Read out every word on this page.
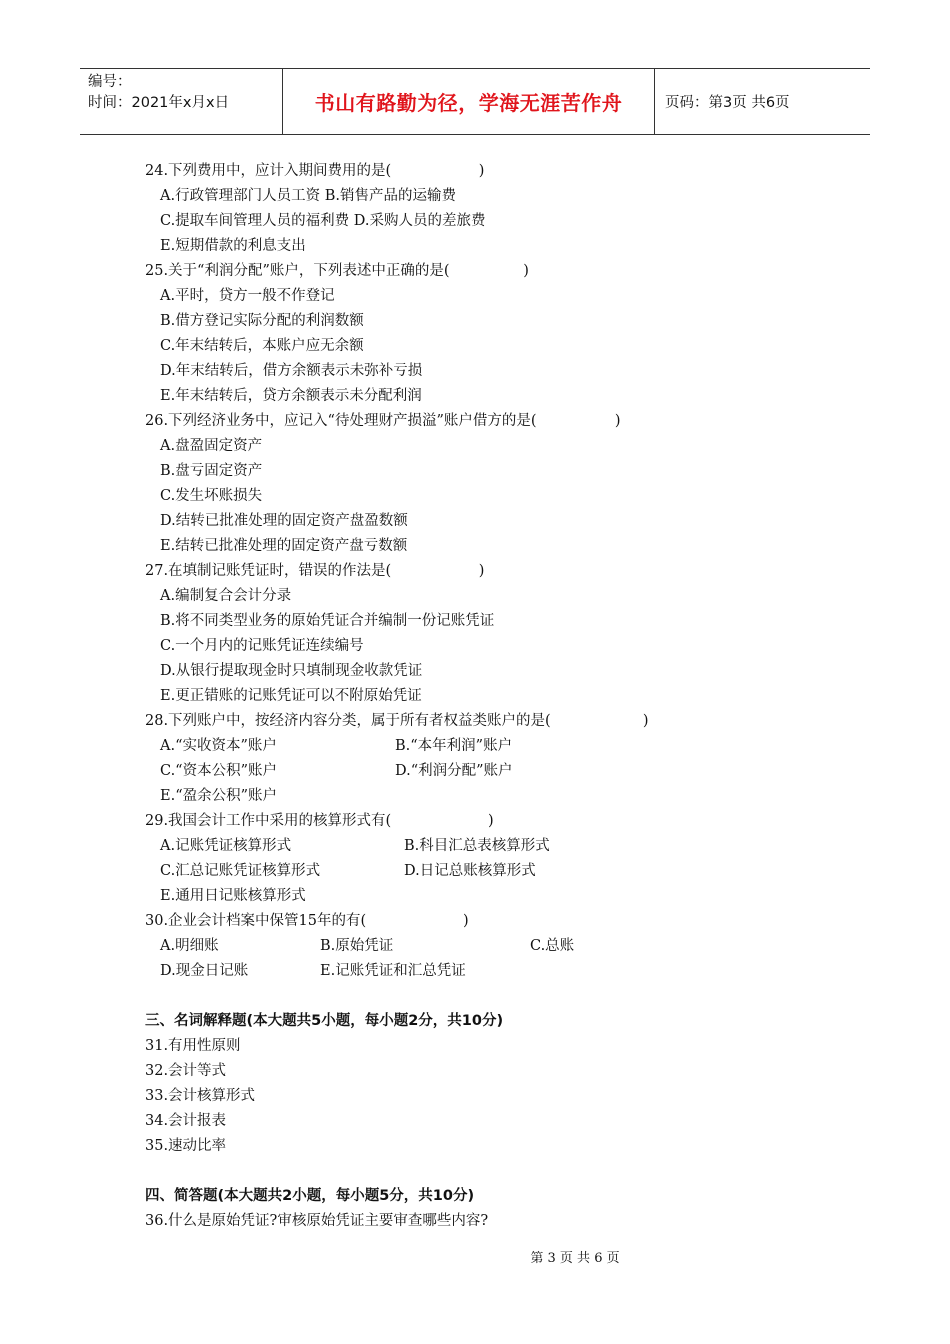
编号：
时间：2021年x月x日	书山有路勤为径，学海无涯苦作舟	页码：第3页 共6页
24.下列费用中，应计入期间费用的是(                   )
A.行政管理部门人员工资 B.销售产品的运输费
C.提取车间管理人员的福利费 D.采购人员的差旅费
E.短期借款的利息支出
25.关于“利润分配”账户，下列表述中正确的是(                )
A.平时，贷方一般不作登记
B.借方登记实际分配的利润数额
C.年末结转后，本账户应无余额
D.年末结转后，借方余额表示未弥补亏损
E.年末结转后，贷方余额表示未分配利润
26.下列经济业务中，应记入“待处理财产损溢”账户借方的是(                 )
A.盘盈固定资产
B.盘亏固定资产
C.发生坏账损失
D.结转已批准处理的固定资产盘盈数额
E.结转已批准处理的固定资产盘亏数额
27.在填制记账凭证时，错误的作法是(                   )
A.编制复合会计分录
B.将不同类型业务的原始凭证合并编制一份记账凭证
C.一个月内的记账凭证连续编号
D.从银行提取现金时只填制现金收款凭证
E.更正错账的记账凭证可以不附原始凭证
28.下列账户中，按经济内容分类，属于所有者权益类账户的是(                    )
A.“实收资本”账户	B.“本年利润”账户
C.“资本公积”账户	D.“利润分配”账户
E.“盈余公积”账户
29.我国会计工作中采用的核算形式有(                     )
A.记账凭证核算形式	B.科目汇总表核算形式
C.汇总记账凭证核算形式	D.日记总账核算形式
E.通用日记账核算形式
30.企业会计档案中保管15年的有(                     )
A.明细账	B.原始凭证	C.总账
D.现金日记账	E.记账凭证和汇总凭证
三、名词解释题(本大题共5小题，每小题2分，共10分)
31.有用性原则
32.会计等式
33.会计核算形式
34.会计报表
35.速动比率
四、简答题(本大题共2小题，每小题5分，共10分)
36.什么是原始凭证?审核原始凭证主要审查哪些内容?
第 3 页 共 6 页
